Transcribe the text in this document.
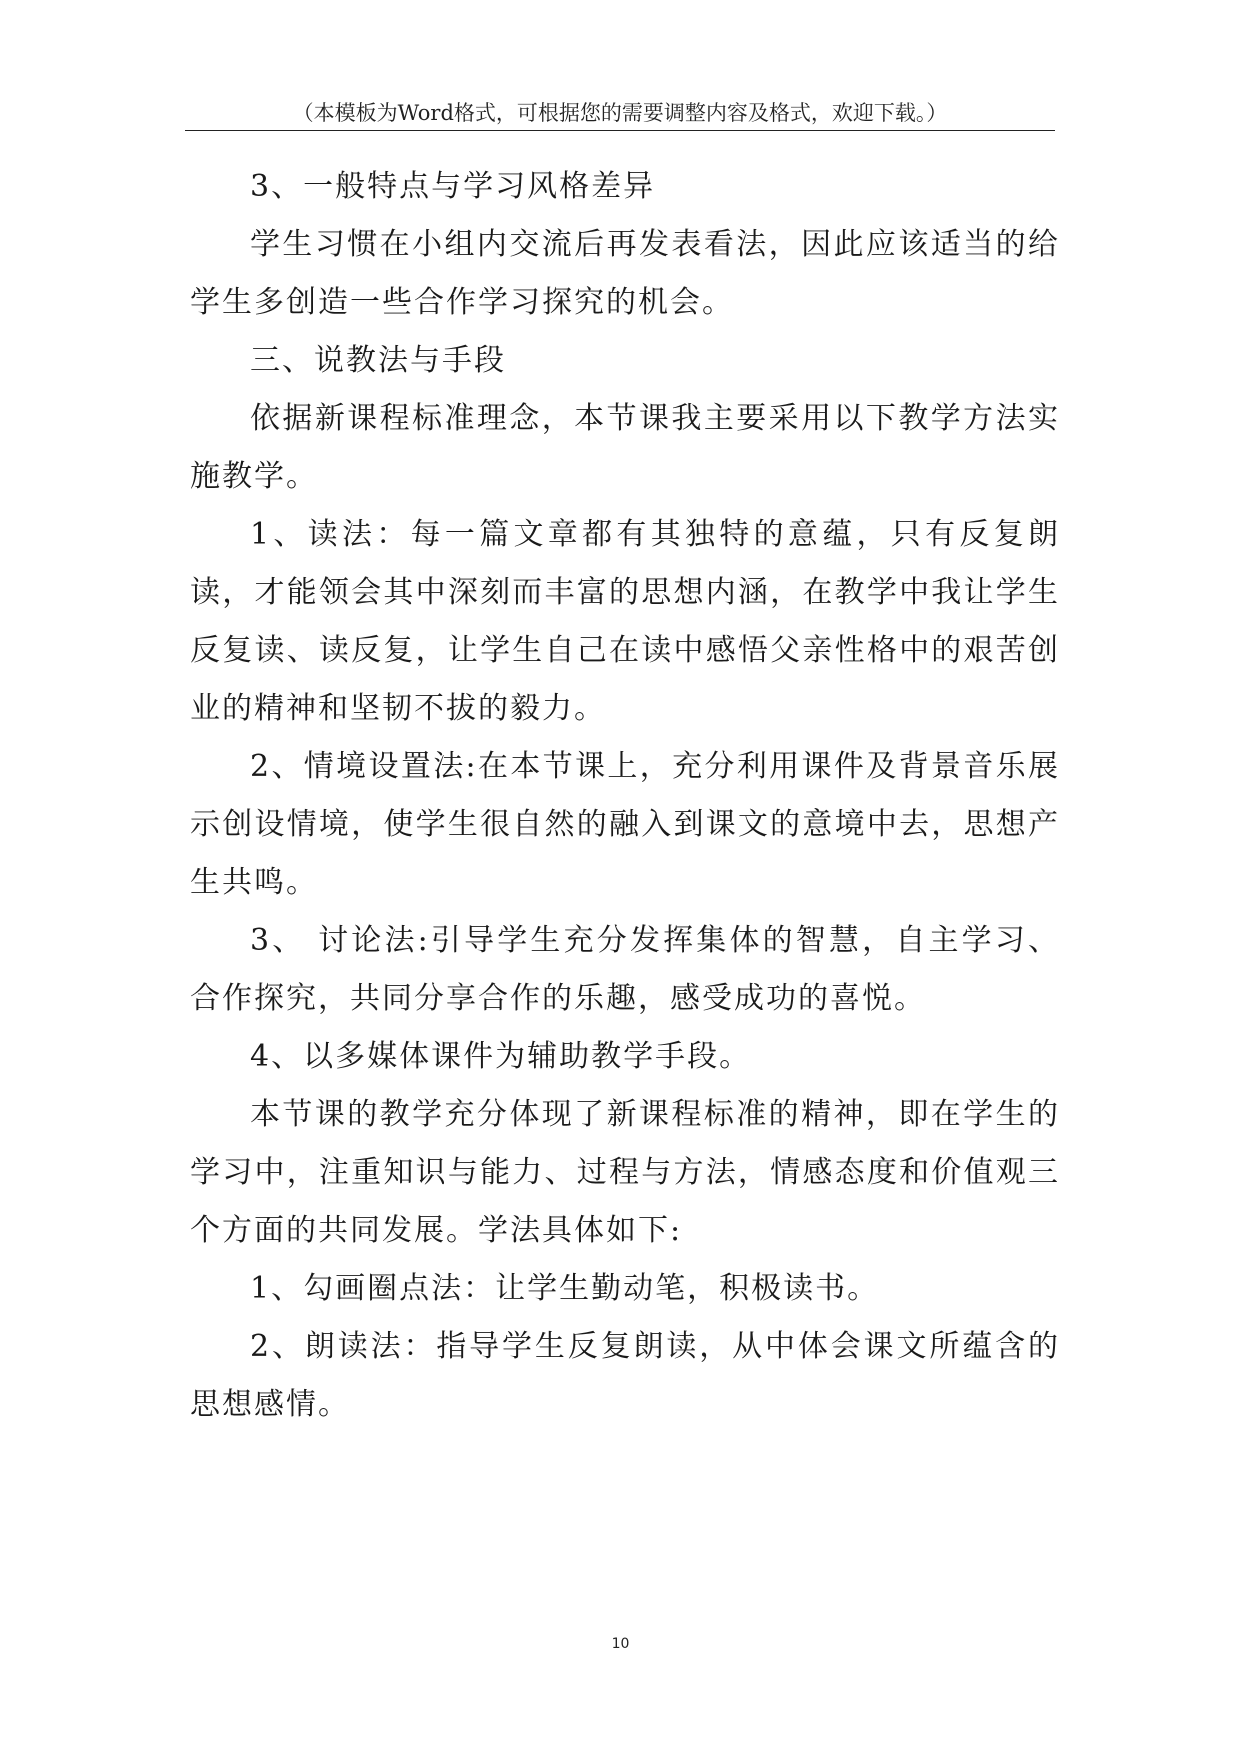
（本模板为Word格式，可根据您的需要调整内容及格式，欢迎下载。）

3、一般特点与学习风格差异

学生习惯在小组内交流后再发表看法，因此应该适当的给学生多创造一些合作学习探究的机会。

三、说教法与手段

依据新课程标准理念，本节课我主要采用以下教学方法实施教学。

1、读法：每一篇文章都有其独特的意蕴，只有反复朗读，才能领会其中深刻而丰富的思想内涵，在教学中我让学生反复读、读反复，让学生自己在读中感悟父亲性格中的艰苦创业的精神和坚韧不拔的毅力。

2、情境设置法:在本节课上，充分利用课件及背景音乐展示创设情境，使学生很自然的融入到课文的意境中去，思想产生共鸣。

3、 讨论法:引导学生充分发挥集体的智慧，自主学习、合作探究，共同分享合作的乐趣，感受成功的喜悦。

4、以多媒体课件为辅助教学手段。

本节课的教学充分体现了新课程标准的精神，即在学生的学习中，注重知识与能力、过程与方法，情感态度和价值观三个方面的共同发展。学法具体如下:

1、勾画圈点法：让学生勤动笔，积极读书。

2、朗读法：指导学生反复朗读，从中体会课文所蕴含的思想感情。

10
